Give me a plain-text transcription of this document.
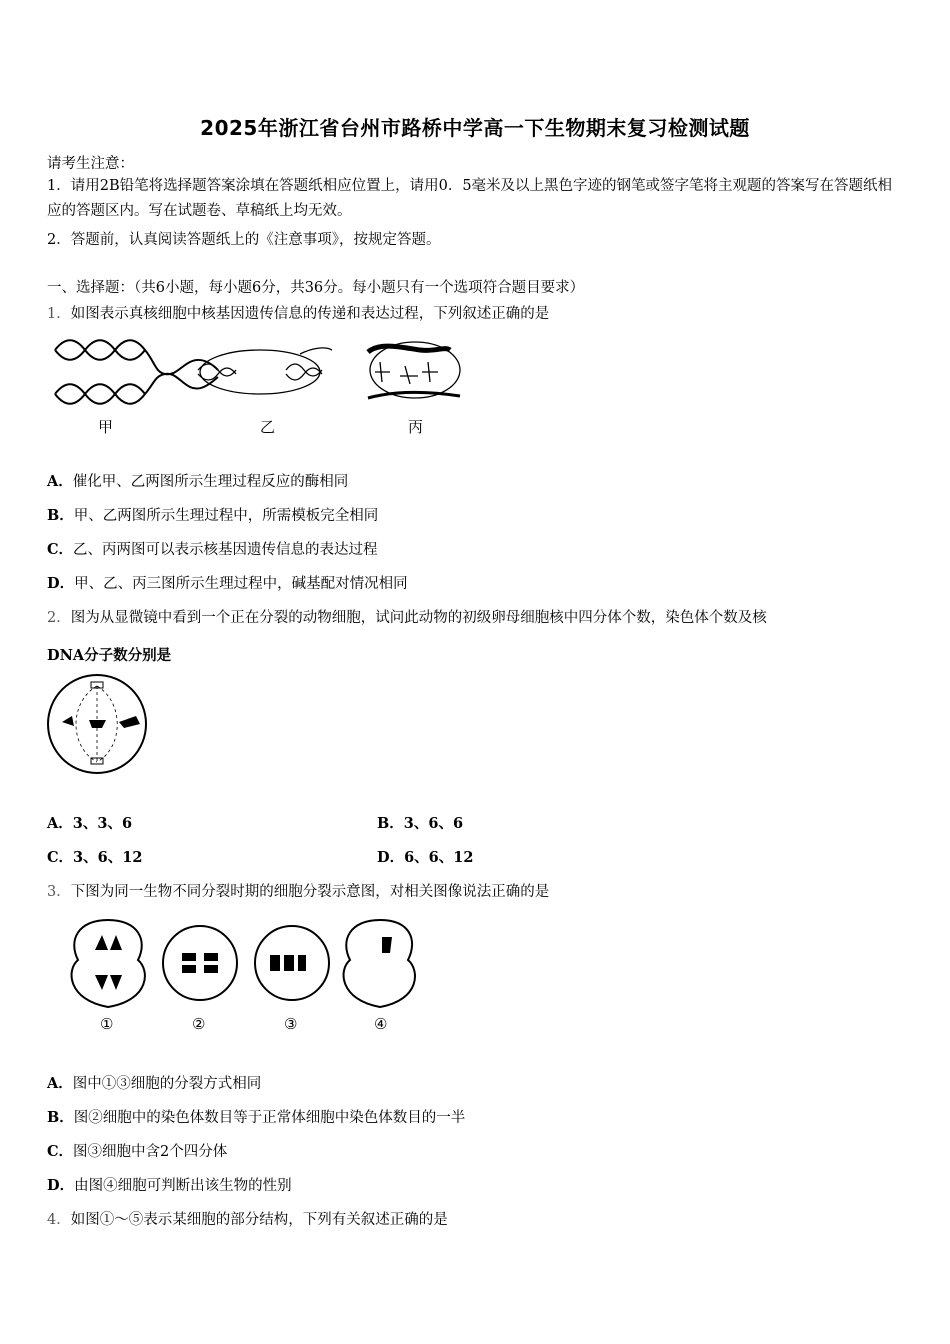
2025年浙江省台州市路桥中学高一下生物期末复习检测试题
请考生注意：
1．请用2B铅笔将选择题答案涂填在答题纸相应位置上，请用0．5毫米及以上黑色字迹的钢笔或签字笔将主观题的答案写在答题纸相应的答题区内。写在试题卷、草稿纸上均无效。
2．答题前，认真阅读答题纸上的《注意事项》，按规定答题。
一、选择题：（共6小题，每小题6分，共36分。每小题只有一个选项符合题目要求）
1．如图表示真核细胞中核基因遗传信息的传递和表达过程，下列叙述正确的是
甲	乙	丙
A．催化甲、乙两图所示生理过程反应的酶相同
B．甲、乙两图所示生理过程中，所需模板完全相同
C．乙、丙两图可以表示核基因遗传信息的表达过程
D．甲、乙、丙三图所示生理过程中，碱基配对情况相同
2．图为从显微镜中看到一个正在分裂的动物细胞，试问此动物的初级卵母细胞核中四分体个数，染色体个数及核
DNA分子数分别是
A．3、3、6	B．3、6、6
C．3、6、12	D．6、6、12
3．下图为同一生物不同分裂时期的细胞分裂示意图，对相关图像说法正确的是
①	②	③	④
A．图中①③细胞的分裂方式相同
B．图②细胞中的染色体数目等于正常体细胞中染色体数目的一半
C．图③细胞中含2个四分体
D．由图④细胞可判断出该生物的性别
4．如图①～⑤表示某细胞的部分结构，下列有关叙述正确的是
